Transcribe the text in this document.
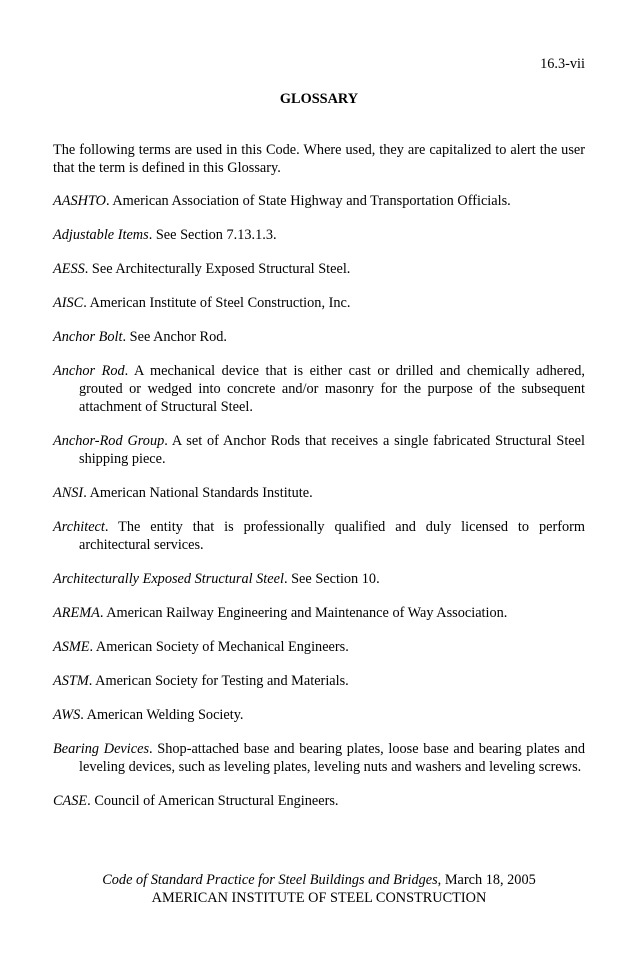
16.3-vii

GLOSSARY

The following terms are used in this Code. Where used, they are capitalized to alert the user that the term is defined in this Glossary.

AASHTO. American Association of State Highway and Transportation Officials.
Adjustable Items. See Section 7.13.1.3.
AESS. See Architecturally Exposed Structural Steel.
AISC. American Institute of Steel Construction, Inc.
Anchor Bolt. See Anchor Rod.
Anchor Rod. A mechanical device that is either cast or drilled and chemically adhered, grouted or wedged into concrete and/or masonry for the purpose of the subsequent attachment of Structural Steel.
Anchor-Rod Group. A set of Anchor Rods that receives a single fabricated Structural Steel shipping piece.
ANSI. American National Standards Institute.
Architect. The entity that is professionally qualified and duly licensed to perform architectural services.
Architecturally Exposed Structural Steel. See Section 10.
AREMA. American Railway Engineering and Maintenance of Way Association.
ASME. American Society of Mechanical Engineers.
ASTM. American Society for Testing and Materials.
AWS. American Welding Society.
Bearing Devices. Shop-attached base and bearing plates, loose base and bearing plates and leveling devices, such as leveling plates, leveling nuts and washers and leveling screws.
CASE. Council of American Structural Engineers.
Code of Standard Practice for Steel Buildings and Bridges, March 18, 2005
AMERICAN INSTITUTE OF STEEL CONSTRUCTION
